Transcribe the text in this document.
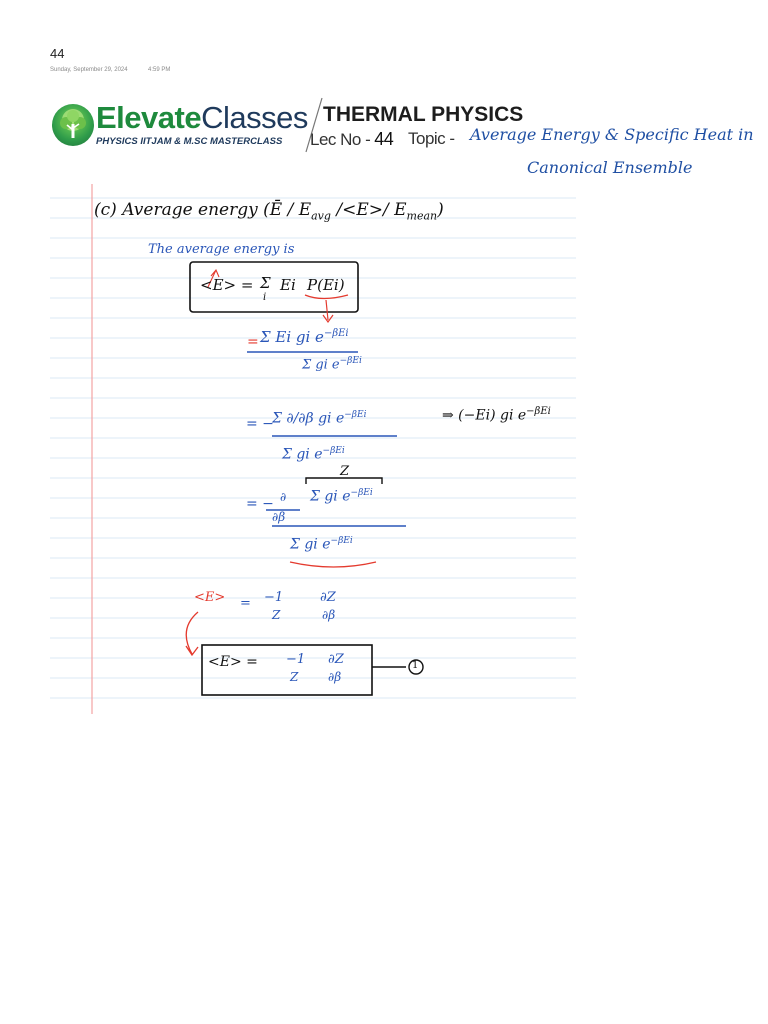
44
Sunday, September 29, 2024	4:59 PM
ElevateClasses
PHYSICS IITJAM & M.SC MASTERCLASS
THERMAL PHYSICS
Lec No - 44 Topic - Average Energy & Specific Heat in
Canonical Ensemble
(c) Average energy (Ē / $E_{avg}$ /<E>/ $E_{mean}$)
The average energy is
<E> = Σ
i
Ei P(Ei)
= Σ Ei gi $e^{-\beta Ei}$
Σ gi $e^{-\beta Ei}$
= −
Σ ∂/∂β gi $e^{-\beta Ei}$	⇒ (−Ei) gi $e^{-\beta Ei}$
Σ gi $e^{-\beta Ei}$
Z
= − ∂
∂β
Σ gi $e^{-\beta Ei}$
Σ gi $e^{-\beta Ei}$
<E> = −1
Z
∂Z
∂β
<E> = −1
Z
∂Z
∂β
1
